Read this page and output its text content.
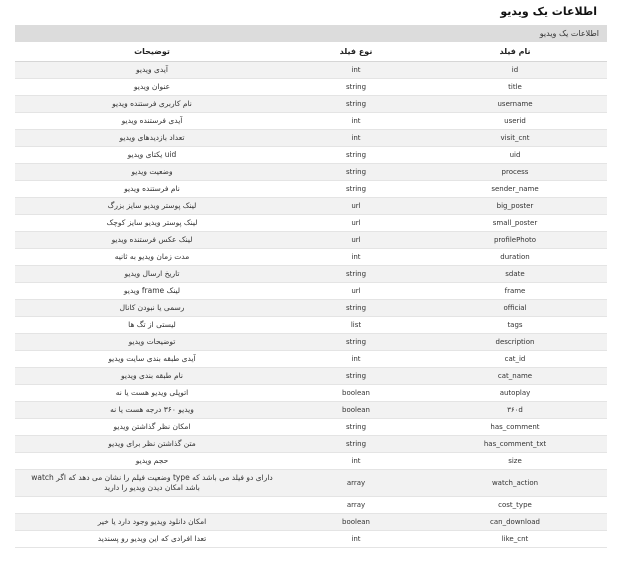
اطلاعات یک ویدیو
اطلاعات یک ویدیو
نام فیلد	نوع فیلد	توضیحات
id	int	آیدی ویدیو
title	string	عنوان ویدیو
username	string	نام کاربری فرستنده ویدیو
userid	int	آیدی فرستنده ویدیو
visit_cnt	int	تعداد بازدیدهای ویدیو
uid	string	uid یکتای ویدیو
process	string	وضعیت ویدیو
sender_name	string	نام فرستنده ویدیو
big_poster	url	لینک پوستر ویدیو سایز بزرگ
small_poster	url	لینک پوستر ویدیو سایز کوچک
profilePhoto	url	لینک عکس فرستنده ویدیو
duration	int	مدت زمان ویدیو به ثانیه
sdate	string	تاریخ ارسال ویدیو
frame	url	لینک frame ویدیو
official	string	رسمی یا نبودن کانال
tags	list	لیستی از تگ ها
description	string	توضیحات ویدیو
cat_id	int	آیدی طبقه بندی سایت ویدیو
cat_name	string	نام طبقه بندی ویدیو
autoplay	boolean	اتوپلی ویدیو هست یا نه
۳۶۰d	boolean	ویدیو ۳۶۰ درجه هست یا نه
has_comment	string	امکان نظر گذاشتن ویدیو
has_comment_txt	string	متن گذاشتن نظر برای ویدیو
size	int	حجم ویدیو
watch_action	array	دارای دو فیلد می باشد که type وضعیت فیلم را نشان می دهد که اگر watch باشد امکان دیدن ویدیو را دارید
cost_type	array	
can_download	boolean	امکان دانلود ویدیو وجود دارد یا خیر
like_cnt	int	تعدا افرادی که این ویدیو رو پسندید
